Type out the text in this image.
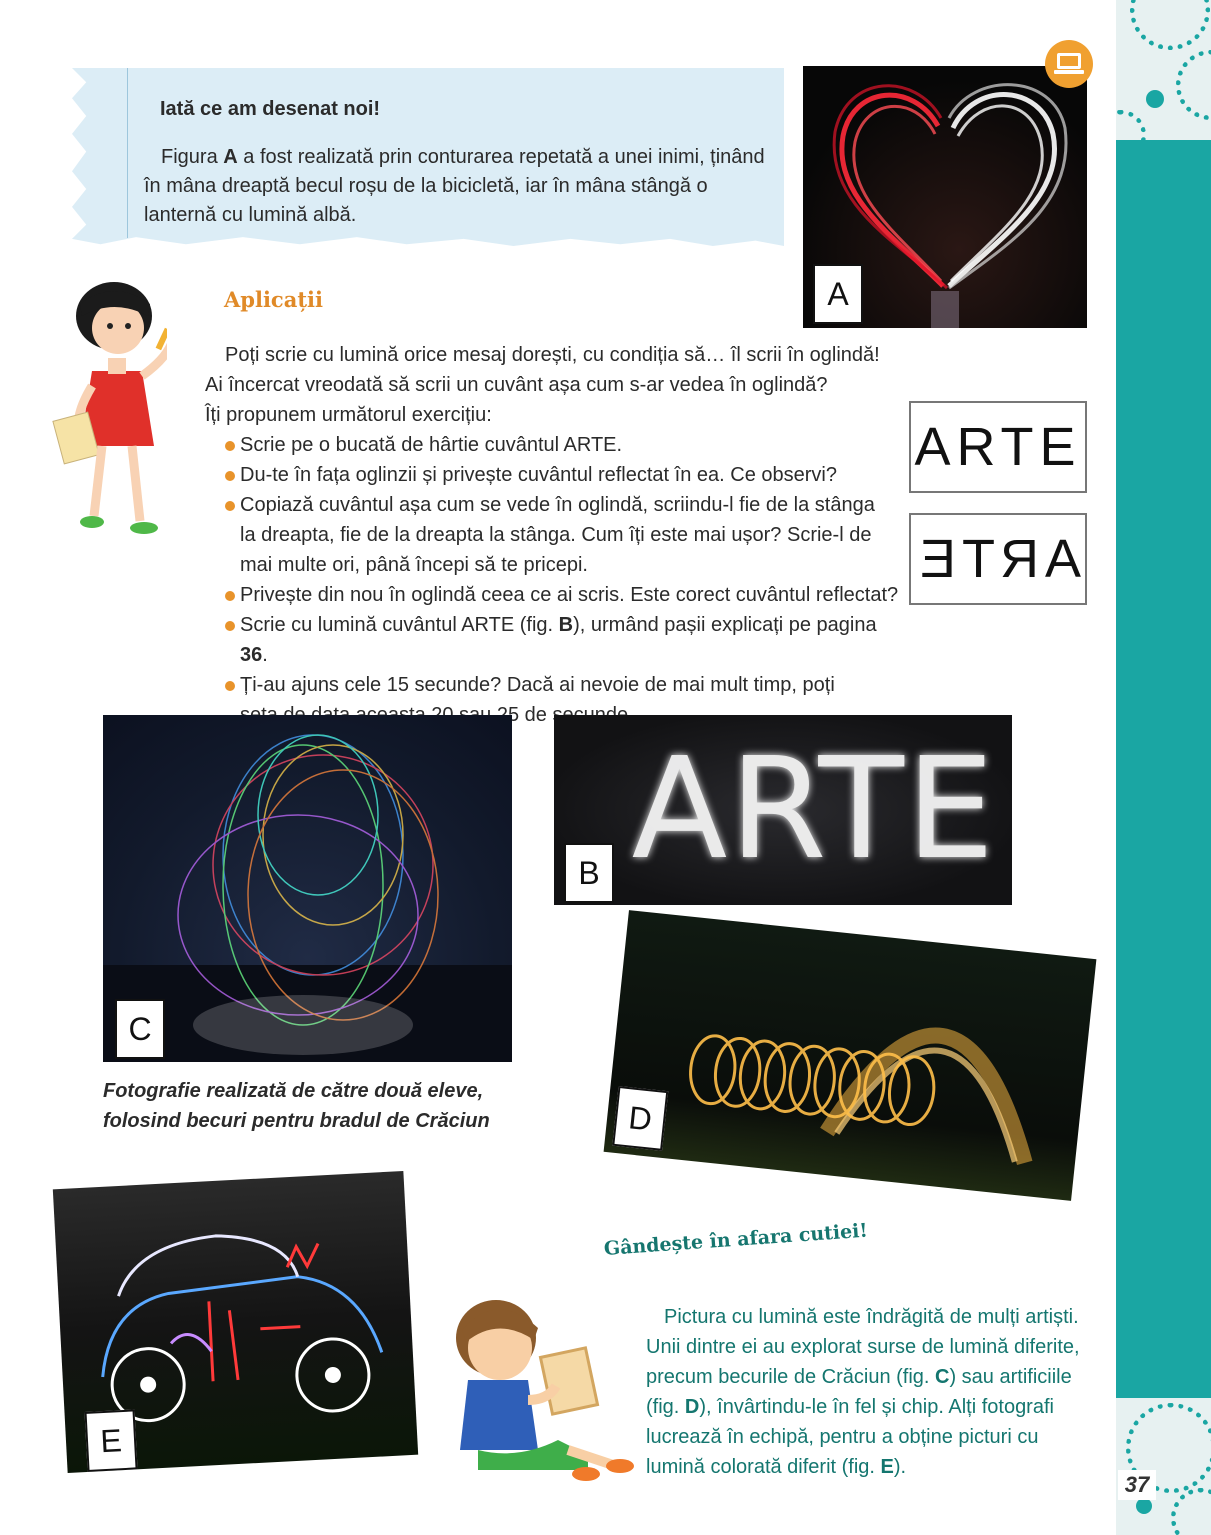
37
Iată ce am desenat noi!
Figura A a fost realizată prin conturarea repetată a unei inimi, ținând în mâna dreaptă becul roșu de la bicicletă, iar în mâna stângă o lanternă cu lumină albă.
A
Aplicații

Poți scrie cu lumină orice mesaj dorești, cu condiția să… îl scrii în oglindă!

Ai încercat vreodată să scrii un cuvânt așa cum s-ar vedea în oglindă?

Îți propunem următorul exercițiu:

Scrie pe o bucată de hârtie cuvântul ARTE.
Du-te în fața oglinzii și privește cuvântul reflectat în ea. Ce observi?
Copiază cuvântul așa cum se vede în oglindă, scriindu-l fie de la stânga la dreapta, fie de la dreapta la stânga. Cum îți este mai ușor? Scrie-l de mai multe ori, până începi să te pricepi.
Privește din nou în oglindă ceea ce ai scris. Este corect cuvântul reflectat?
Scrie cu lumină cuvântul ARTE (fig. B), urmând pașii explicați pe pagina 36.
Ți-au ajuns cele 15 secunde? Dacă ai nevoie de mai mult timp, poți de
ARTE
ARTE
C
ARTE
B
Fotografie realizată de către două eleve, folosind becuri pentru bradul de Crăciun	D
E
Gândește în afara cutiei!
Pictura cu lumină este îndrăgită de mulți artiști. Unii dintre ei au explorat surse de lumină diferite, precum becurile de Crăciun (fig. C) sau artificiile (fig. D), învârtindu-le în fel și chip. Alți fotografi lucrează în echipă, pentru a obține picturi cu lumină colorată diferit (fig. E).
